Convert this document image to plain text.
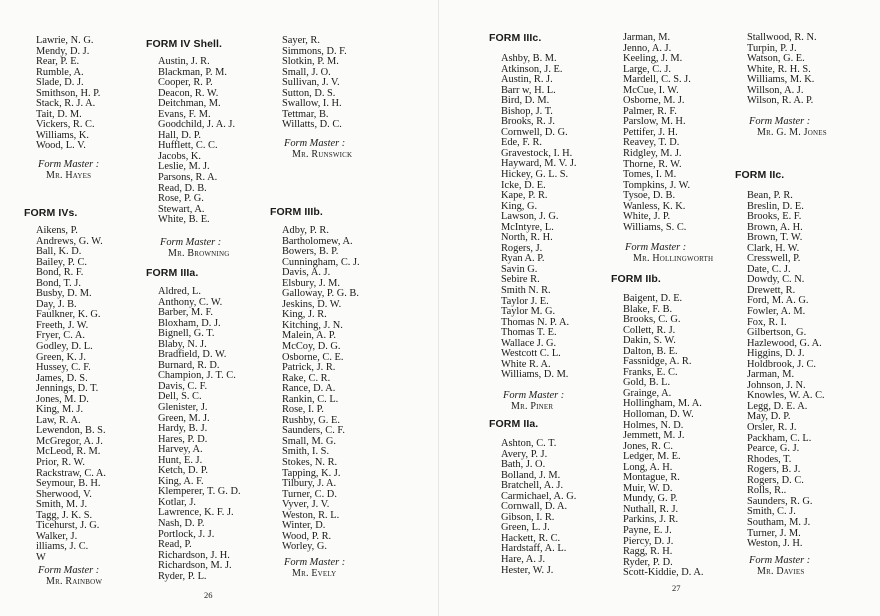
Lawrie, N. G.
Mendy, D. J.
Rear, P. E.
Rumble, A.
Slade, D. J.
Smithson, H. P.
Stack, R. J. A.
Tait, D. M.
Vickers, R. C.
Williams, K.
Wood, L. V.
Form Master :
Mr. Hayes
FORM IVs.
Aikens, P.
Andrews, G. W.
Ball, K. D.
Bailey, P. C.
Bond, R. F.
Bond, T. J.
Busby, D. M.
Day, J. B.
Faulkner, K. G.
Freeth, J. W.
Fryer, C. A.
Godley, D. L.
Green, K. J.
Hussey, C. F.
James, D. S.
Jennings, D. T.
Jones, M. D.
King, M. J.
Law, R. A.
Lewendon, B. S.
McGregor, A. J.
McLeod, R. M.
Prior, R. W.
Rackstraw, C. A.
Seymour, B. H.
Sherwood, V.
Smith, M. J.
Tagg, J. K. S.
Ticehurst, J. G.
Walker, J.
illiams, J. C.
W
Form Master :
Mr. Rainbow
FORM IV Shell.
Austin, J. R.
Blackman, P. M.
Cooper, R. P.
Deacon, R. W.
Deitchman, M.
Evans, F. M.
Goodchild, J. A. J.
Hall, D. P.
Hufflett, C. C.
Jacobs, K.
Leslie, M. J.
Parsons, R. A.
Read, D. B.
Rose, P. G.
Stewart, A.
White, B. E.
Form Master :
Mr. Browning
FORM IIIa.
Aldred, L.
Anthony, C. W.
Barber, M. F.
Bloxham, D. J.
Bignell, G. T.
Blaby, N. J.
Bradfield, D. W.
Burnard, R. D.
Champion, J. T. C.
Davis, C. F.
Dell, S. C.
Glenister, J.
Green, M. J.
Hardy, B. J.
Hares, P. D.
Harvey, A.
Hunt, E. J.
Ketch, D. P.
King, A. F.
Klemperer, T. G. D.
Kotlar, J.
Lawrence, K. F. J.
Nash, D. P.
Portlock, J. J.
Read, P.
Richardson, J. H.
Richardson, M. J.
Ryder, P. L.
Sayer, R.
Simmons, D. F.
Slotkin, P. M.
Small, J. O.
Sullivan, J. V.
Sutton, D. S.
Swallow, I. H.
Tettmar, B.
Willatts, D. C.
Form Master :
Mr. Runswick
FORM IIIb.
Adby, P. R.
Bartholomew, A.
Bowers, B. P.
Cunningham, C. J.
Davis, A. J.
Elsbury, J. M.
Galloway, P. G. B.
Jeskins, D. W.
King, J. R.
Kitching, J. N.
Malein, A. P.
McCoy, D. G.
Osborne, C. E.
Patrick, J. R.
Rake, C. R.
Rance, D. A.
Rankin, C. L.
Rose, I. P.
Rushby, G. E.
Saunders, C. F.
Small, M. G.
Smith, I. S.
Stokes, N. R.
Tapping, K. J.
Tilbury, J. A.
Turner, C. D.
Vyver, J. V.
Weston, R. L.
Winter, D.
Wood, P. R.
Worley, G.
Form Master :
Mr. Evely
26
FORM IIIc.
Ashby, B. M.
Atkinson, J. E.
Austin, R. J.
Barr w, H. L.
Bird, D. M.
Bishop, J. T.
Brooks, R. J.
Cornwell, D. G.
Ede, F. R.
Gravestock, I. H.
Hayward, M. V. J.
Hickey, G. L. S.
Icke, D. E.
Kape, P. R.
King, G.
Lawson, J. G.
McIntyre, L.
North, R. H.
Rogers, J.
Ryan A. P.
Savin G.
Sebire R.
Smith N. R.
Taylor J. E.
Taylor M. G.
Thomas N. P. A.
Thomas T. E.
Wallace J. G.
Westcott C. L.
White R. A.
Williams, D. M.
Form Master :
Mr. Piner
FORM IIa.
Ashton, C. T.
Avery, P. J.
Bath, J. O.
Bolland, J. M.
Bratchell, A. J.
Carmichael, A. G.
Cornwall, D. A.
Gibson, I. R.
Green, L. J.
Hackett, R. C.
Hardstaff, A. L.
Hare, A. J.
Hester, W. J.
Jarman, M.
Jenno, A. J.
Keeling, J. M.
Large, C. J.
Mardell, C. S. J.
McCue, I. W.
Osborne, M. J.
Palmer, R. F.
Parslow, M. H.
Pettifer, J. H.
Reavey, T. D.
Ridgley, M. J.
Thorne, R. W.
Tomes, I. M.
Tompkins, J. W.
Tysoe, D. B.
Wanless, K. K.
White, J. P.
Williams, S. C.
Form Master :
Mr. Hollingworth
FORM IIb.
Baigent, D. E.
Blake, F. B.
Brooks, C. G.
Collett, R. J.
Dakin, S. W.
Dalton, B. E.
Fassnidge, A. R.
Franks, E. C.
Gold, B. L.
Grainge, A.
Hollingham, M. A.
Holloman, D. W.
Holmes, N. D.
Jemmett, M. J.
Jones, R. C.
Ledger, M. E.
Long, A. H.
Montague, R.
Muir, W. D.
Mundy, G. P.
Nuthall, R. J.
Parkins, J. R.
Payne, E. J.
Piercy, D. J.
Ragg, R. H.
Ryder, P. D.
Scott-Kiddie, D. A.
Stallwood, R. N.
Turpin, P. J.
Watson, G. E.
White, R. H. S.
Williams, M. K.
Willson, A. J.
Wilson, R. A. P.
Form Master :
Mr. G. M. Jones
FORM IIc.
Bean, P. R.
Breslin, D. E.
Brooks, E. F.
Brown, A. H.
Brown, T. W.
Clark, H. W.
Cresswell, P.
Date, C. J.
Dowdy, C. N.
Drewett, R.
Ford, M. A. G.
Fowler, A. M.
Fox, R. I.
Gilbertson, G.
Hazlewood, G. A.
Higgins, D. J.
Holdbrook, J. C.
Jarman, M.
Johnson, J. N.
Knowles, W. A. C.
Legg, D. E. A.
May, D. P.
Orsler, R. J.
Packham, C. L.
Pearce, G. J.
Rhodes, T.
Rogers, B. J.
Rogers, D. C.
Rolls, R..
Saunders, R. G.
Smith, C. J.
Southam, M. J.
Turner, J. M.
Weston, J. H.
Form Master :
Mr. Davies
27
